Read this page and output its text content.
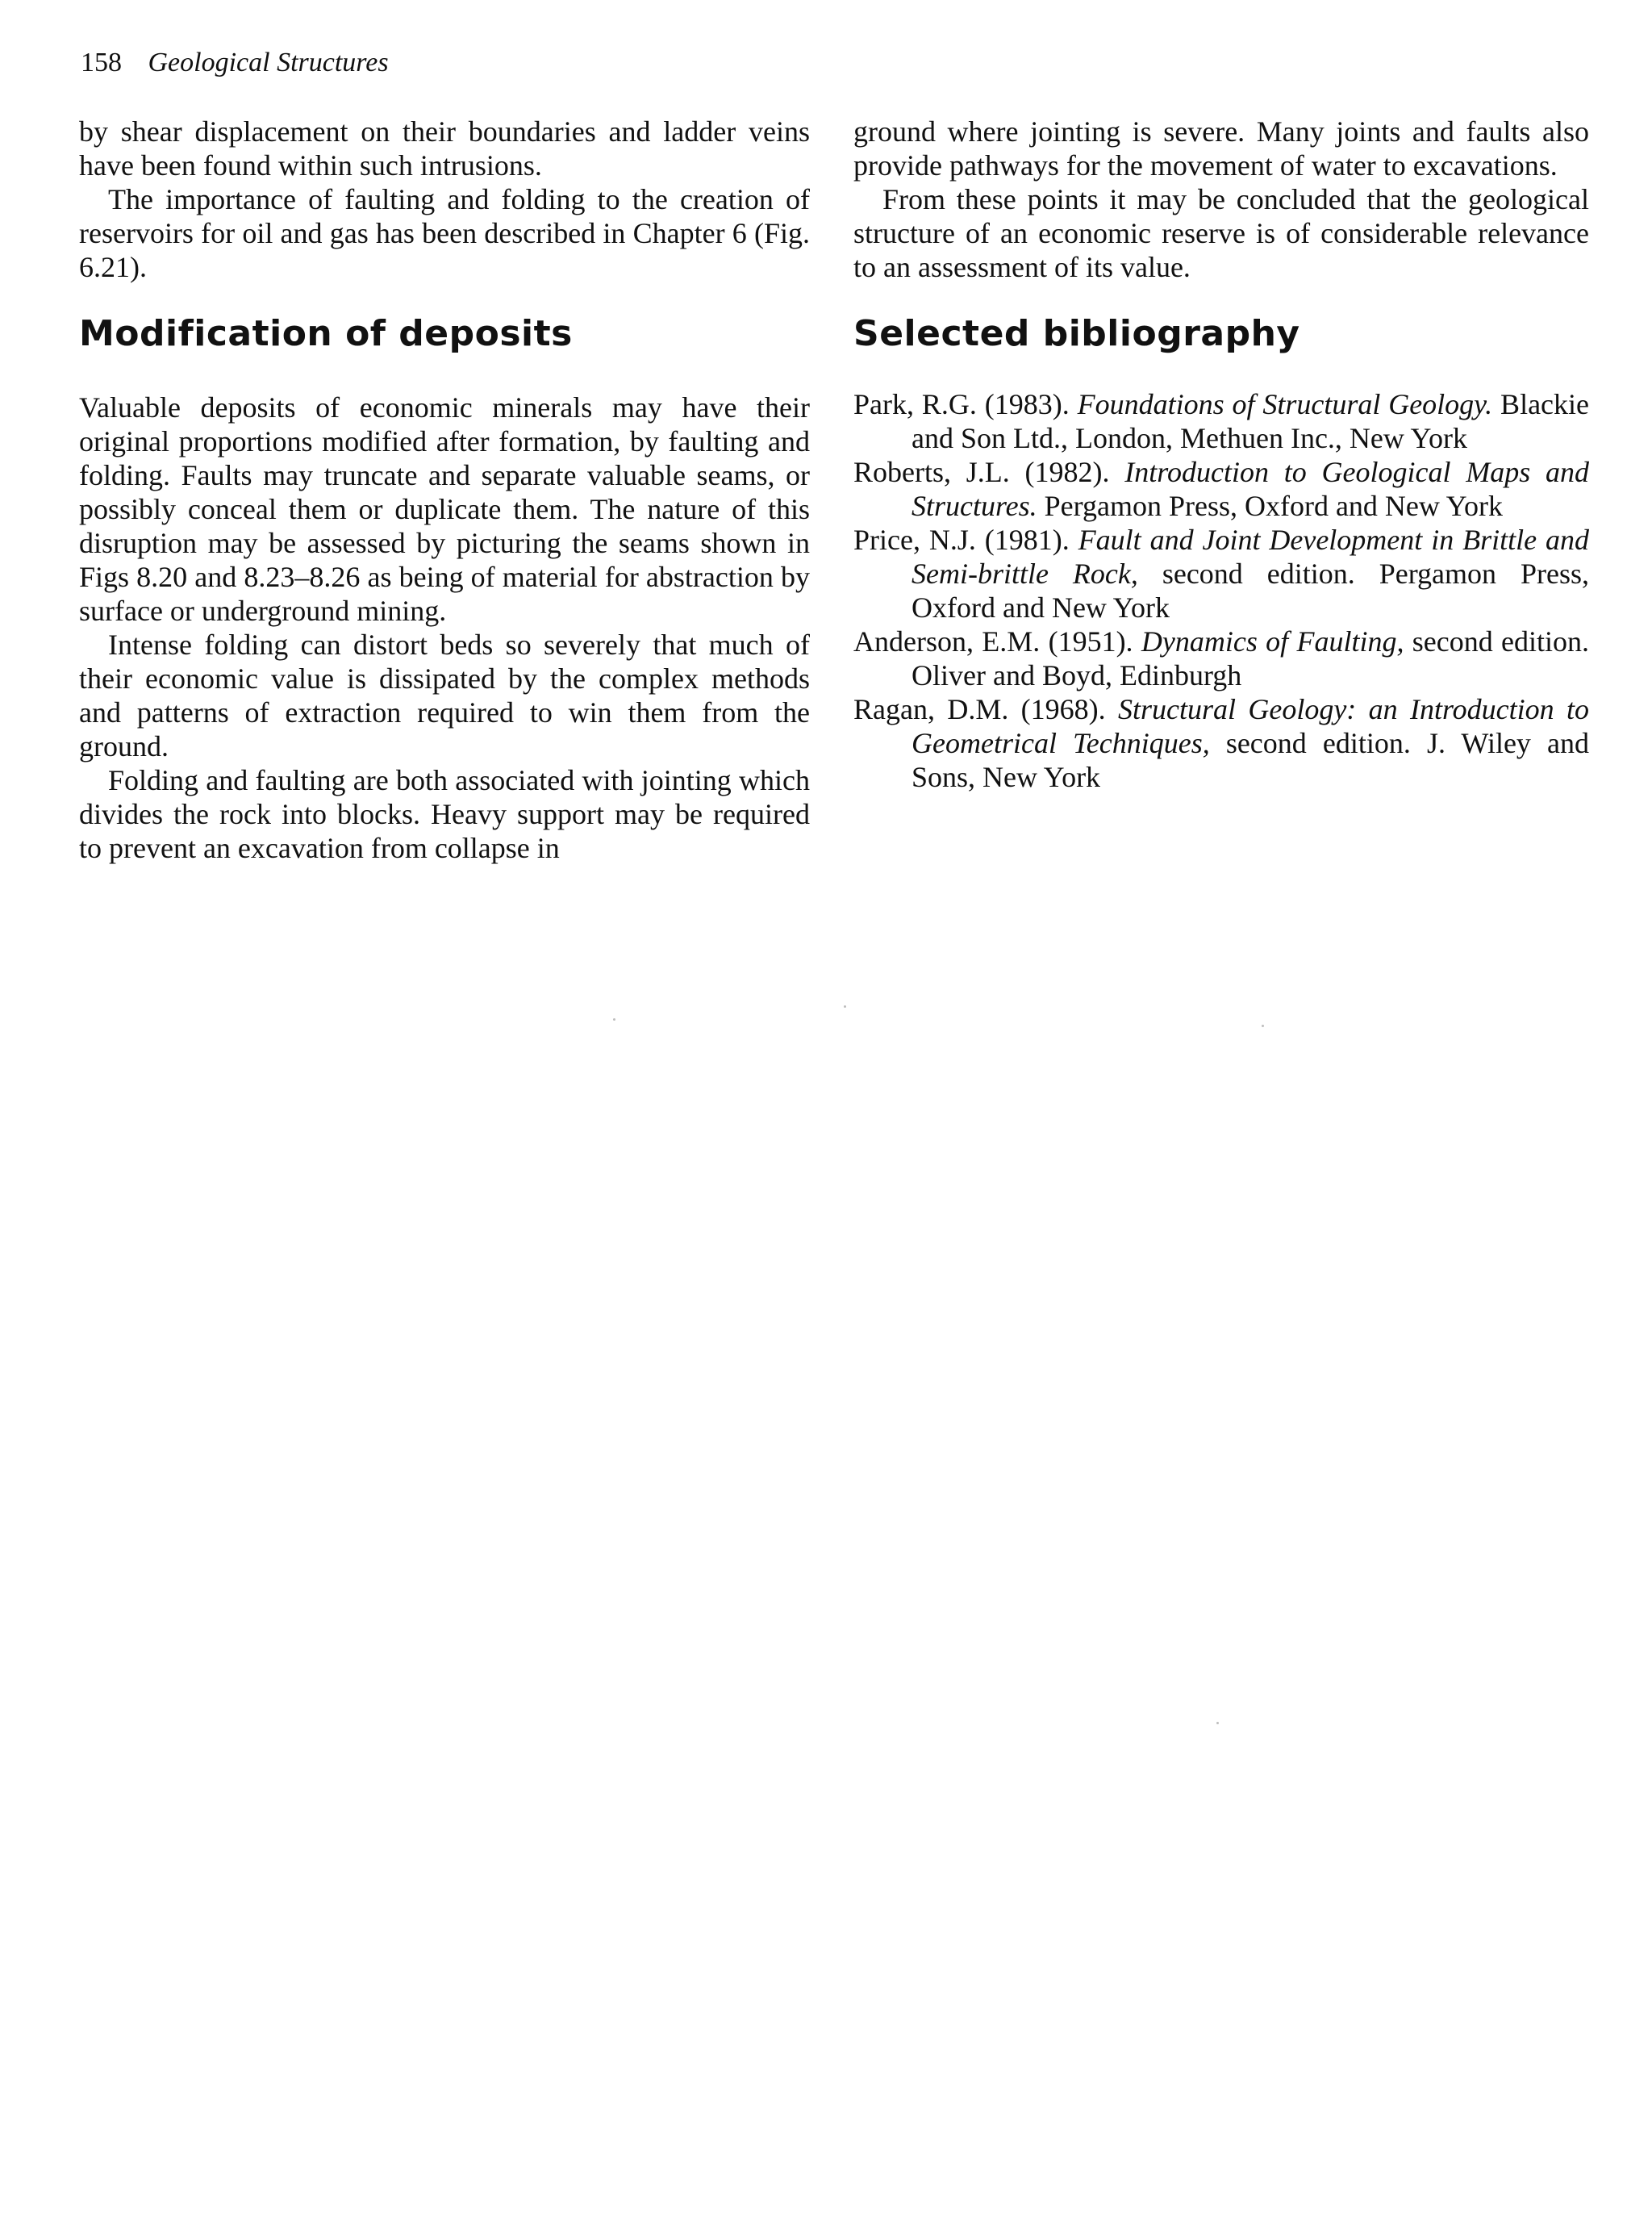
158 Geological Structures

by shear displacement on their boundaries and ladder veins have been found within such intrusions.

The importance of faulting and folding to the creation of reservoirs for oil and gas has been described in Chapter 6 (Fig. 6.21).

Modification of deposits

Valuable deposits of economic minerals may have their original proportions modified after formation, by faulting and folding. Faults may truncate and separate valuable seams, or possibly conceal them or duplicate them. The nature of this disruption may be assessed by picturing the seams shown in Figs 8.20 and 8.23–8.26 as being of material for abstraction by surface or underground mining.

Intense folding can distort beds so severely that much of their economic value is dissipated by the complex methods and patterns of extraction required to win them from the ground.

Folding and faulting are both associated with jointing which divides the rock into blocks. Heavy support may be required to prevent an excavation from collapse in

ground where jointing is severe. Many joints and faults also provide pathways for the movement of water to excavations.

From these points it may be concluded that the geological structure of an economic reserve is of considerable relevance to an assessment of its value.

Selected bibliography
Park, R.G. (1983). Foundations of Structural Geology. Blackie and Son Ltd., London, Methuen Inc., New York
Roberts, J.L. (1982). Introduction to Geological Maps and Structures. Pergamon Press, Oxford and New York
Price, N.J. (1981). Fault and Joint Development in Brittle and Semi-brittle Rock, second edition. Pergamon Press, Oxford and New York
Anderson, E.M. (1951). Dynamics of Faulting, second edition. Oliver and Boyd, Edinburgh
Ragan, D.M. (1968). Structural Geology: an Introduction to Geometrical Techniques, second edition. J. Wiley and Sons, New York
